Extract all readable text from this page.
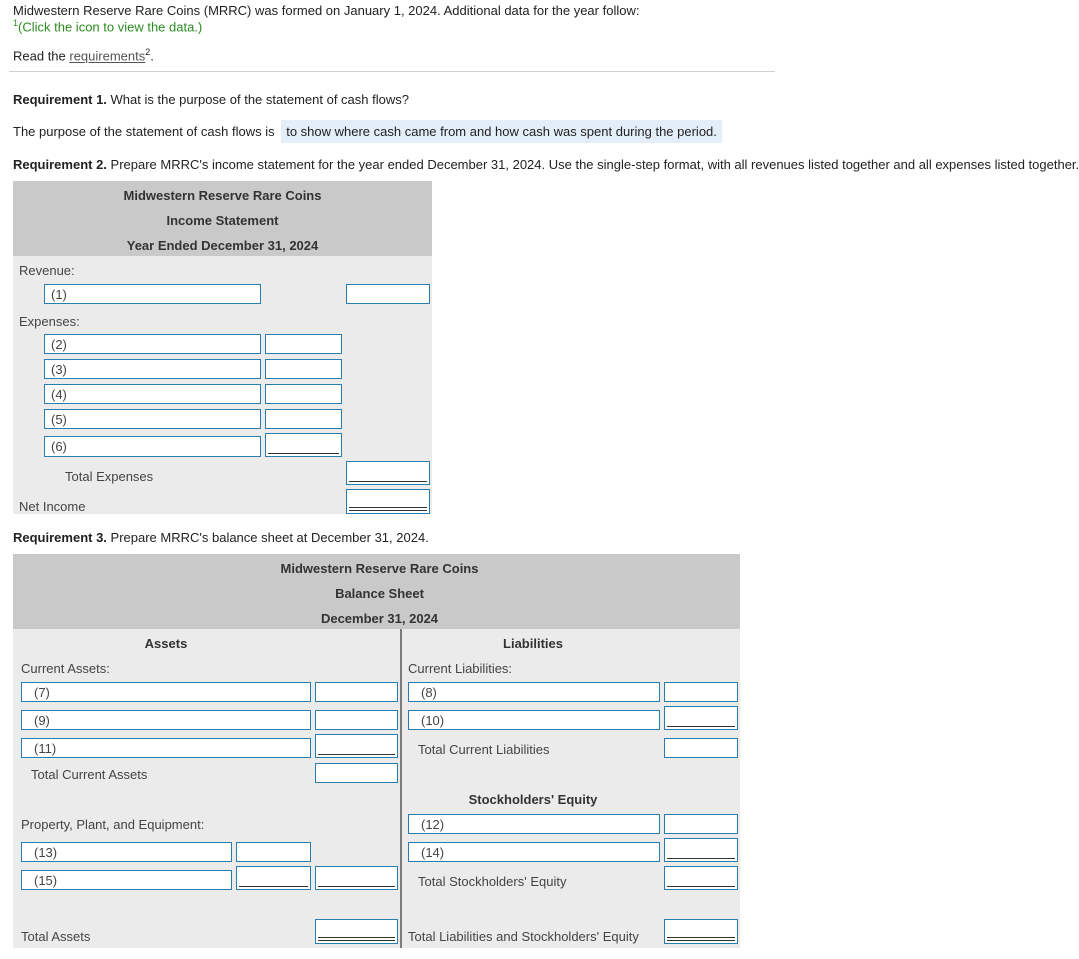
Midwestern Reserve Rare Coins (MRRC) was formed on January 1, 2024. Additional data for the year follow:
$^1$(Click the icon to view the data.)
Read the requirements$^2$.
Requirement 1. What is the purpose of the statement of cash flows?
The purpose of the statement of cash flows is to show where cash came from and how cash was spent during the period.
Requirement 2. Prepare MRRC's income statement for the year ended December 31, 2024. Use the single-step format, with all revenues listed together and all expenses listed together.
Midwestern Reserve Rare Coins
Income Statement
Year Ended December 31, 2024
Revenue:
(1)
Expenses:
(2)
(3)
(4)
(5)
(6)
Total Expenses
Net Income
Requirement 3. Prepare MRRC's balance sheet at December 31, 2024.
Midwestern Reserve Rare Coins
Balance Sheet
December 31, 2024
Assets	Liabilities
Current Assets:	Current Liabilities:
(7)
(9)
(11)
Total Current Assets
(8)
(10)
Total Current Liabilities
Stockholders' Equity
(12)
(14)
Total Stockholders' Equity
Property, Plant, and Equipment:
(13)
(15)
Total Assets	Total Liabilities and Stockholders' Equity
